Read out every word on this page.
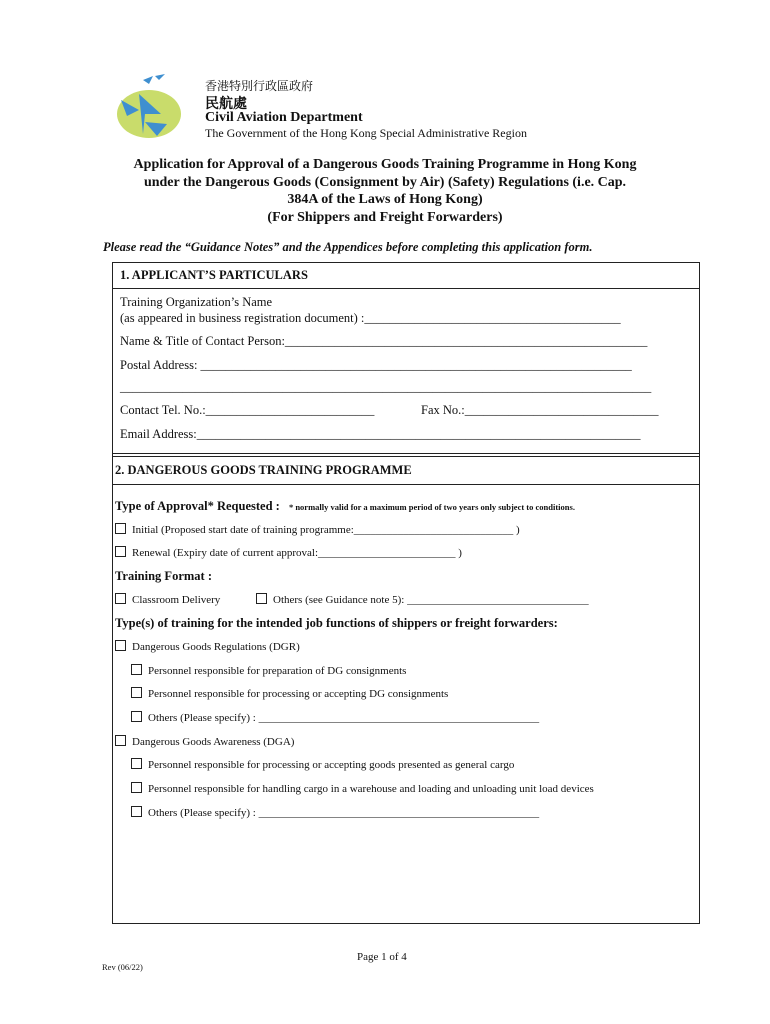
香港特別行政區政府
民航處
Civil Aviation Department
The Government of the Hong Kong Special Administrative Region
Application for Approval of a Dangerous Goods Training Programme in Hong Kong
under the Dangerous Goods (Consignment by Air) (Safety) Regulations (i.e. Cap.
384A of the Laws of Hong Kong)
(For Shippers and Freight Forwarders)
Please read the “Guidance Notes” and the Appendices before completing this application form.
1. APPLICANT’S PARTICULARS
Training Organization’s Name
(as appeared in business registration document) :_________________________________________
Name & Title of Contact Person:__________________________________________________________
Postal Address: _____________________________________________________________________
_____________________________________________________________________________________
Contact Tel. No.:___________________________	Fax No.:_______________________________
Email Address:_______________________________________________________________________
2. DANGEROUS GOODS TRAINING PROGRAMME
Type of Approval* Requested : * normally valid for a maximum period of two years only subject to conditions.
Initial (Proposed start date of training programme:_____________________________ )
Renewal (Expiry date of current approval:_________________________ )
Training Format :
Classroom Delivery	Others (see Guidance note 5): _________________________________
Type(s) of training for the intended job functions of shippers or freight forwarders:
Dangerous Goods Regulations (DGR)
Personnel responsible for preparation of DG consignments
Personnel responsible for processing or accepting DG consignments
Others (Please specify) : ___________________________________________________
Dangerous Goods Awareness (DGA)
Personnel responsible for processing or accepting goods presented as general cargo
Personnel responsible for handling cargo in a warehouse and loading and unloading unit load devices
Others (Please specify) : ___________________________________________________
Page 1 of 4
Rev (06/22)
